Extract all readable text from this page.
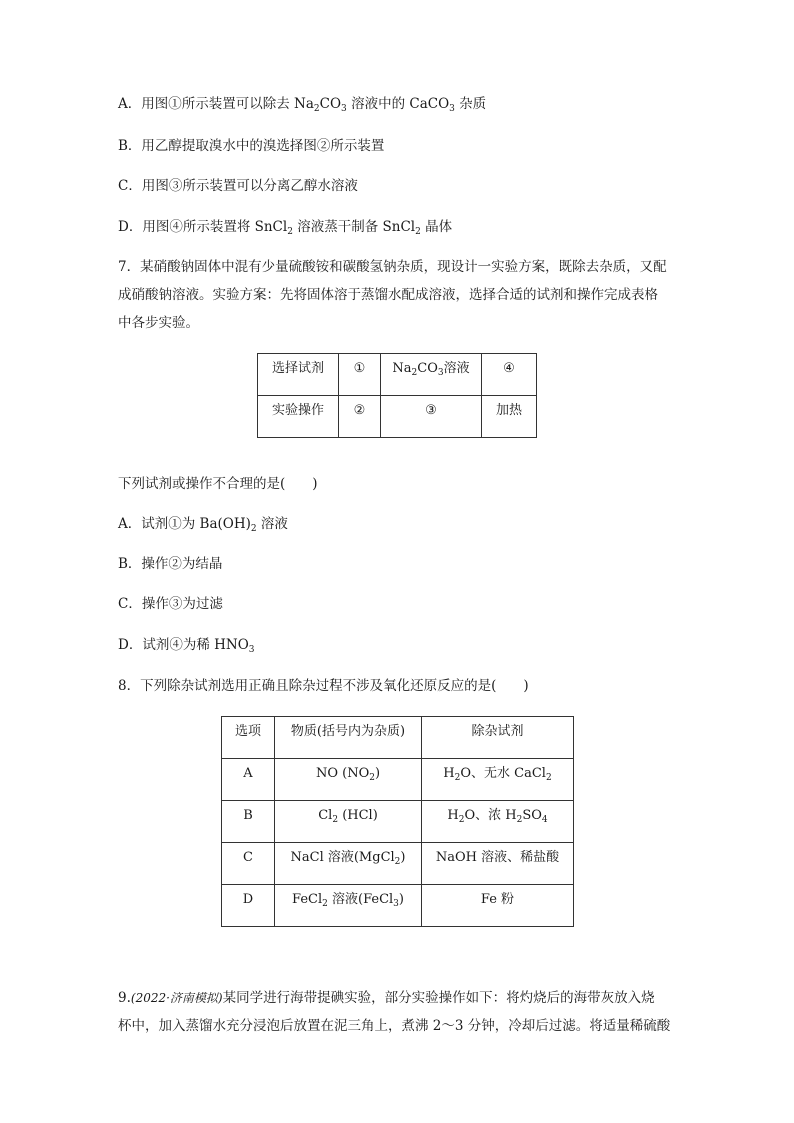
A．用图①所示装置可以除去 $Na_2CO_3$ 溶液中的 CaCO$_3$ 杂质
B．用乙醇提取溴水中的溴选择图②所示装置
C．用图③所示装置可以分离乙醇水溶液
D．用图④所示装置将 SnCl$_2$ 溶液蒸干制备 SnCl$_2$ 晶体
7．某硝酸钠固体中混有少量硫酸铵和碳酸氢钠杂质，现设计一实验方案，既除去杂质，又配
成硝酸钠溶液。实验方案：先将固体溶于蒸馏水配成溶液，选择合适的试剂和操作完成表格
中各步实验。
选择试剂	①	$Na_2CO_3$溶液	④
实验操作	②	③	加热
下列试剂或操作不合理的是(　　)
A．试剂①为 $Ba(OH)_2$ 溶液
B．操作②为结晶
C．操作③为过滤
D．试剂④为稀 $HNO_3$
8．下列除杂试剂选用正确且除杂过程不涉及氧化还原反应的是(　　)
选项	物质(括号内为杂质)	除杂试剂
A	NO $(NO_2)$	$H_2O$、无水 CaCl$_2$
B	$Cl_2$ (HCl)	$H_2O$、浓 $H_2SO_4$
C	NaCl 溶液(MgCl$_2$)	NaOH 溶液、稀盐酸
D	FeCl$_2$ 溶液(FeCl$_3$)	Fe 粉
9.(2022·济南模拟)某同学进行海带提碘实验，部分实验操作如下：将灼烧后的海带灰放入烧
杯中，加入蒸馏水充分浸泡后放置在泥三角上，煮沸 2～3 分钟，冷却后过滤。将适量稀硫酸
